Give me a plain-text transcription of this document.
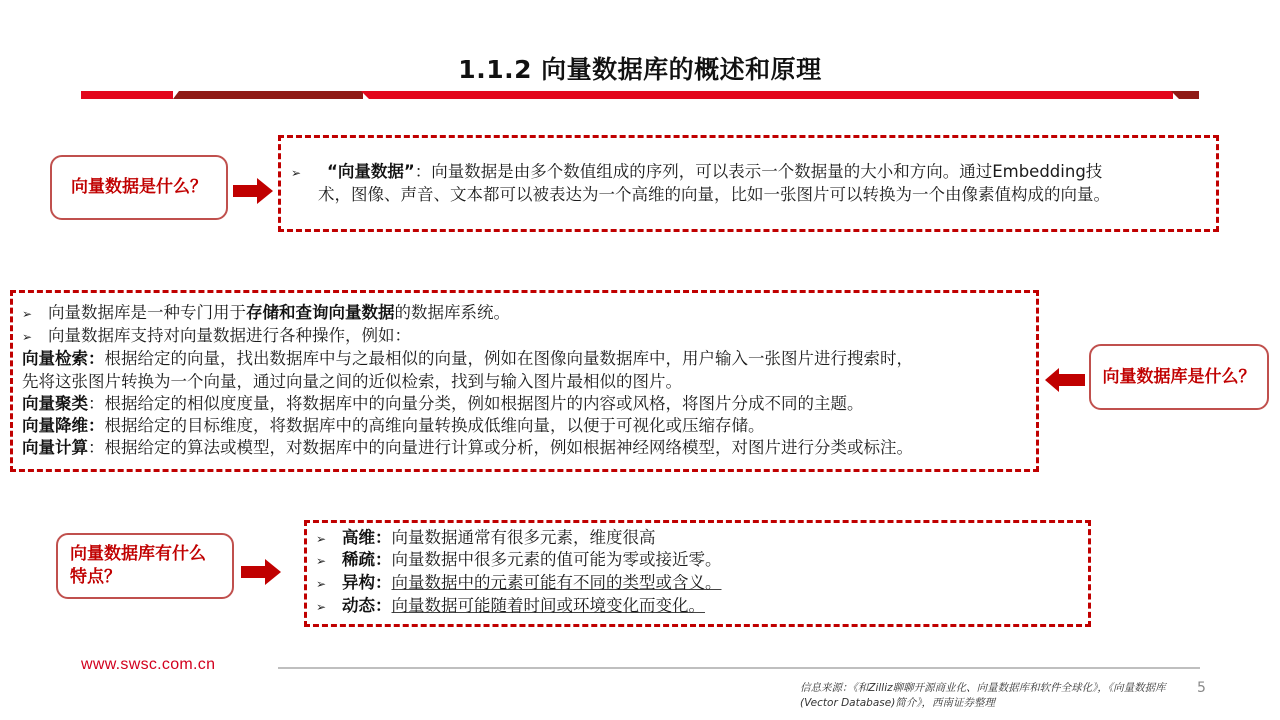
1.1.2 向量数据库的概述和原理
向量数据是什么？
➢ “向量数据”：向量数据是由多个数值组成的序列，可以表示一个数据量的大小和方向。通过Embedding技
术，图像、声音、文本都可以被表达为一个高维的向量，比如一张图片可以转换为一个由像素值构成的向量。
➢ 向量数据库是一种专门用于存储和查询向量数据的数据库系统。
➢ 向量数据库支持对向量数据进行各种操作，例如：
向量检索：根据给定的向量，找出数据库中与之最相似的向量，例如在图像向量数据库中，用户输入一张图片进行搜索时，
先将这张图片转换为一个向量，通过向量之间的近似检索，找到与输入图片最相似的图片。
向量聚类：根据给定的相似度度量，将数据库中的向量分类，例如根据图片的内容或风格，将图片分成不同的主题。
向量降维：根据给定的目标维度，将数据库中的高维向量转换成低维向量，以便于可视化或压缩存储。
向量计算：根据给定的算法或模型，对数据库中的向量进行计算或分析，例如根据神经网络模型，对图片进行分类或标注。
向量数据库是什么？
向量数据库有什么特点？
➢ 高维：向量数据通常有很多元素，维度很高
➢ 稀疏：向量数据中很多元素的值可能为零或接近零。
➢ 异构：向量数据中的元素可能有不同的类型或含义。
➢ 动态：向量数据可能随着时间或环境变化而变化。
www.swsc.com.cn
信息来源：《和Zilliz聊聊开源商业化、向量数据库和软件全球化》，《向量数据库(Vector Database)简介》，西南证券整理
5
